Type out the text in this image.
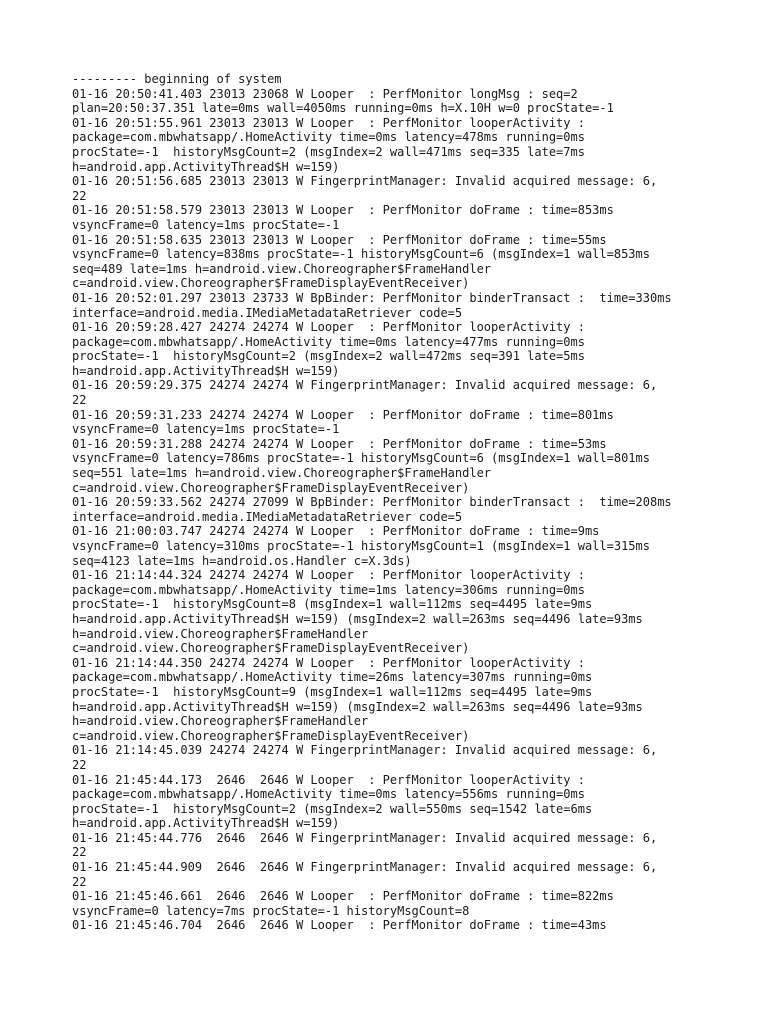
--------- beginning of system
01-16 20:50:41.403 23013 23068 W Looper  : PerfMonitor longMsg : seq=2
plan=20:50:37.351 late=0ms wall=4050ms running=0ms h=X.10H w=0 procState=-1
01-16 20:51:55.961 23013 23013 W Looper  : PerfMonitor looperActivity :
package=com.mbwhatsapp/.HomeActivity time=0ms latency=478ms running=0ms
procState=-1  historyMsgCount=2 (msgIndex=2 wall=471ms seq=335 late=7ms
h=android.app.ActivityThread$H w=159)
01-16 20:51:56.685 23013 23013 W FingerprintManager: Invalid acquired message: 6,
22
01-16 20:51:58.579 23013 23013 W Looper  : PerfMonitor doFrame : time=853ms
vsyncFrame=0 latency=1ms procState=-1
01-16 20:51:58.635 23013 23013 W Looper  : PerfMonitor doFrame : time=55ms
vsyncFrame=0 latency=838ms procState=-1 historyMsgCount=6 (msgIndex=1 wall=853ms
seq=489 late=1ms h=android.view.Choreographer$FrameHandler
c=android.view.Choreographer$FrameDisplayEventReceiver)
01-16 20:52:01.297 23013 23733 W BpBinder: PerfMonitor binderTransact :  time=330ms
interface=android.media.IMediaMetadataRetriever code=5
01-16 20:59:28.427 24274 24274 W Looper  : PerfMonitor looperActivity :
package=com.mbwhatsapp/.HomeActivity time=0ms latency=477ms running=0ms
procState=-1  historyMsgCount=2 (msgIndex=2 wall=472ms seq=391 late=5ms
h=android.app.ActivityThread$H w=159)
01-16 20:59:29.375 24274 24274 W FingerprintManager: Invalid acquired message: 6,
22
01-16 20:59:31.233 24274 24274 W Looper  : PerfMonitor doFrame : time=801ms
vsyncFrame=0 latency=1ms procState=-1
01-16 20:59:31.288 24274 24274 W Looper  : PerfMonitor doFrame : time=53ms
vsyncFrame=0 latency=786ms procState=-1 historyMsgCount=6 (msgIndex=1 wall=801ms
seq=551 late=1ms h=android.view.Choreographer$FrameHandler
c=android.view.Choreographer$FrameDisplayEventReceiver)
01-16 20:59:33.562 24274 27099 W BpBinder: PerfMonitor binderTransact :  time=208ms
interface=android.media.IMediaMetadataRetriever code=5
01-16 21:00:03.747 24274 24274 W Looper  : PerfMonitor doFrame : time=9ms
vsyncFrame=0 latency=310ms procState=-1 historyMsgCount=1 (msgIndex=1 wall=315ms
seq=4123 late=1ms h=android.os.Handler c=X.3ds)
01-16 21:14:44.324 24274 24274 W Looper  : PerfMonitor looperActivity :
package=com.mbwhatsapp/.HomeActivity time=1ms latency=306ms running=0ms
procState=-1  historyMsgCount=8 (msgIndex=1 wall=112ms seq=4495 late=9ms
h=android.app.ActivityThread$H w=159) (msgIndex=2 wall=263ms seq=4496 late=93ms
h=android.view.Choreographer$FrameHandler
c=android.view.Choreographer$FrameDisplayEventReceiver)
01-16 21:14:44.350 24274 24274 W Looper  : PerfMonitor looperActivity :
package=com.mbwhatsapp/.HomeActivity time=26ms latency=307ms running=0ms
procState=-1  historyMsgCount=9 (msgIndex=1 wall=112ms seq=4495 late=9ms
h=android.app.ActivityThread$H w=159) (msgIndex=2 wall=263ms seq=4496 late=93ms
h=android.view.Choreographer$FrameHandler
c=android.view.Choreographer$FrameDisplayEventReceiver)
01-16 21:14:45.039 24274 24274 W FingerprintManager: Invalid acquired message: 6,
22
01-16 21:45:44.173  2646  2646 W Looper  : PerfMonitor looperActivity :
package=com.mbwhatsapp/.HomeActivity time=0ms latency=556ms running=0ms
procState=-1  historyMsgCount=2 (msgIndex=2 wall=550ms seq=1542 late=6ms
h=android.app.ActivityThread$H w=159)
01-16 21:45:44.776  2646  2646 W FingerprintManager: Invalid acquired message: 6,
22
01-16 21:45:44.909  2646  2646 W FingerprintManager: Invalid acquired message: 6,
22
01-16 21:45:46.661  2646  2646 W Looper  : PerfMonitor doFrame : time=822ms
vsyncFrame=0 latency=7ms procState=-1 historyMsgCount=8
01-16 21:45:46.704  2646  2646 W Looper  : PerfMonitor doFrame : time=43ms
